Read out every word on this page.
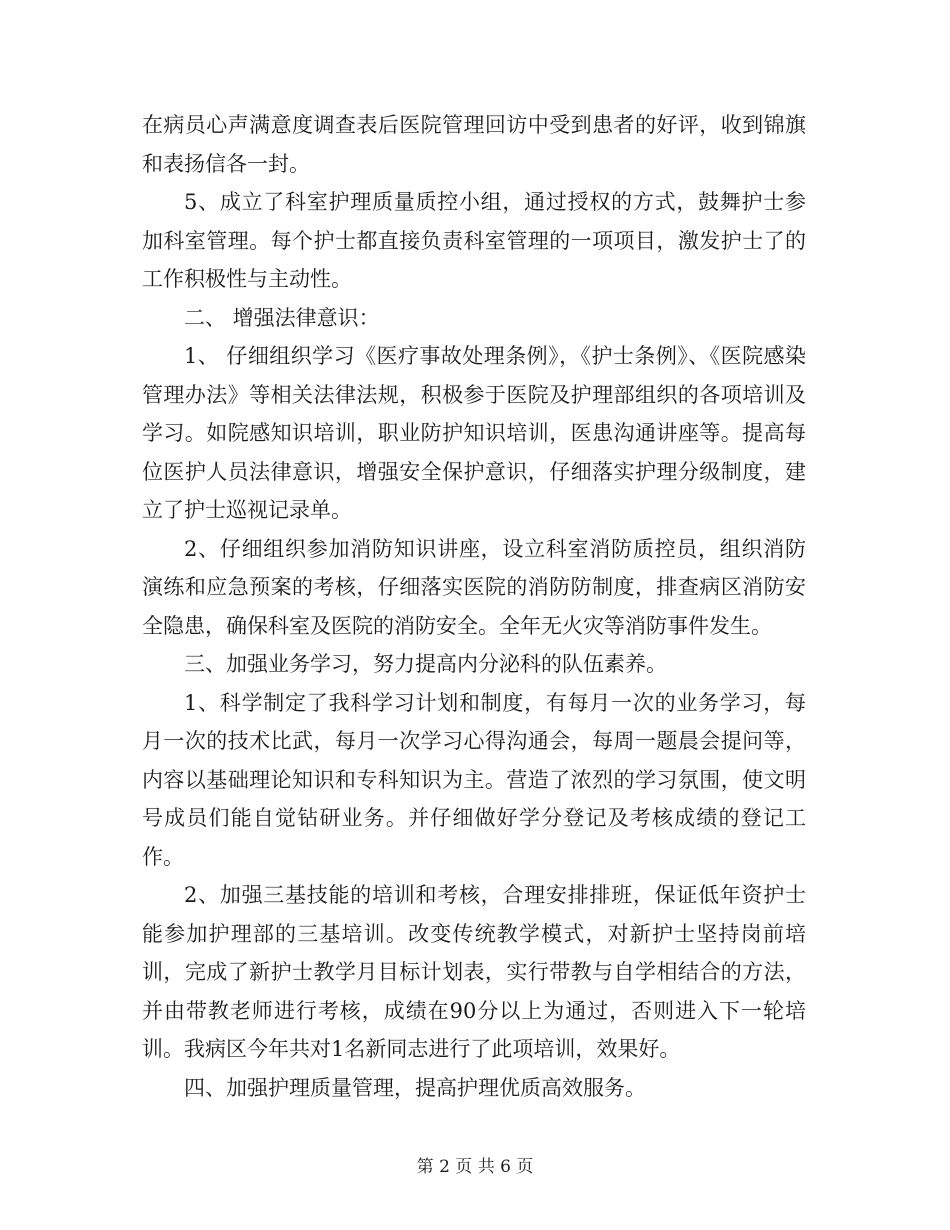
在病员心声满意度调查表后医院管理回访中受到患者的好评，收到锦旗和表扬信各一封。

5、成立了科室护理质量质控小组，通过授权的方式，鼓舞护士参加科室管理。每个护士都直接负责科室管理的一项项目，激发护士了的工作积极性与主动性。

二、 增强法律意识：

1、 仔细组织学习《医疗事故处理条例》，《护士条例》、《医院感染管理办法》等相关法律法规，积极参于医院及护理部组织的各项培训及学习。如院感知识培训，职业防护知识培训，医患沟通讲座等。提高每位医护人员法律意识，增强安全保护意识，仔细落实护理分级制度，建立了护士巡视记录单。

2、仔细组织参加消防知识讲座，设立科室消防质控员，组织消防演练和应急预案的考核，仔细落实医院的消防防制度，排查病区消防安全隐患，确保科室及医院的消防安全。全年无火灾等消防事件发生。

三、加强业务学习，努力提高内分泌科的队伍素养。

1、科学制定了我科学习计划和制度，有每月一次的业务学习，每月一次的技术比武，每月一次学习心得沟通会，每周一题晨会提问等，内容以基础理论知识和专科知识为主。营造了浓烈的学习氛围，使文明号成员们能自觉钻研业务。并仔细做好学分登记及考核成绩的登记工作。

2、加强三基技能的培训和考核，合理安排排班，保证低年资护士能参加护理部的三基培训。改变传统教学模式，对新护士坚持岗前培训，完成了新护士教学月目标计划表，实行带教与自学相结合的方法，并由带教老师进行考核，成绩在90分以上为通过，否则进入下一轮培训。我病区今年共对1名新同志进行了此项培训，效果好。

四、加强护理质量管理，提高护理优质高效服务。

第 2 页 共 6 页
